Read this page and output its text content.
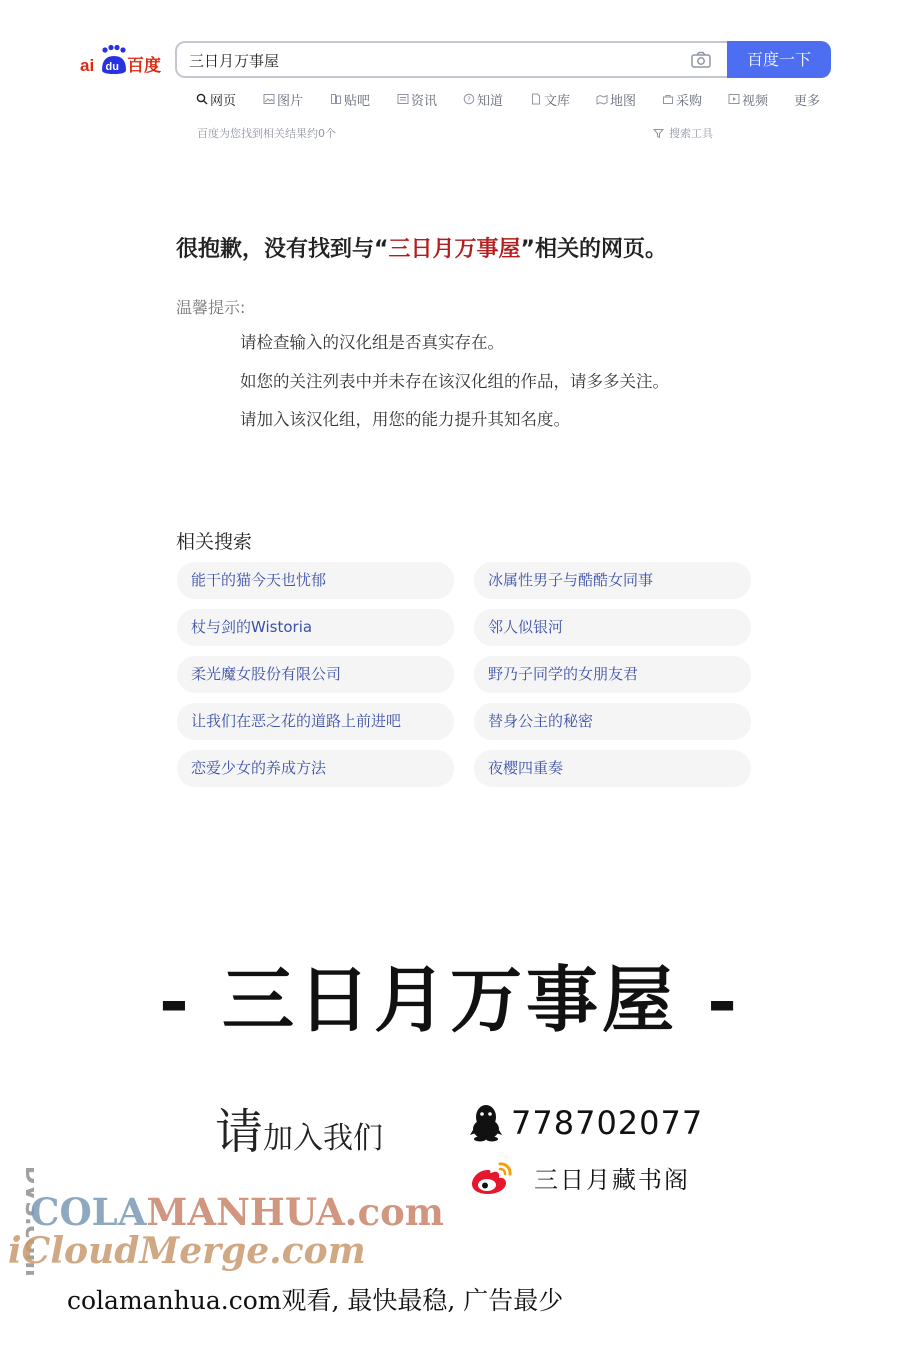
ai du 百度
三日月万事屋	百度一下
网页	图片	贴吧	资讯	? 知道	文库	地图	采购	视频 更多
百度为您找到相关结果约0个	搜索工具
很抱歉，没有找到与“三日月万事屋”相关的网页。
温馨提示:
请检查输入的汉化组是否真实存在。
如您的关注列表中并未存在该汉化组的作品，请多多关注。
请加入该汉化组，用您的能力提升其知名度。
相关搜索
能干的猫今天也忧郁	冰属性男子与酷酷女同事
杖与剑的Wistoria	邻人似银河
柔光魔女股份有限公司	野乃子同学的女朋友君
让我们在恶之花的道路上前进吧	替身公主的秘密
恋爱少女的养成方法	夜樱四重奏
- 三日月万事屋 -
请加入我们	778702077
三日月藏书阁
DVS.com
COLAMANHUA.com
iCloudMerge.com
colamanhua.com观看, 最快最稳, 广告最少
